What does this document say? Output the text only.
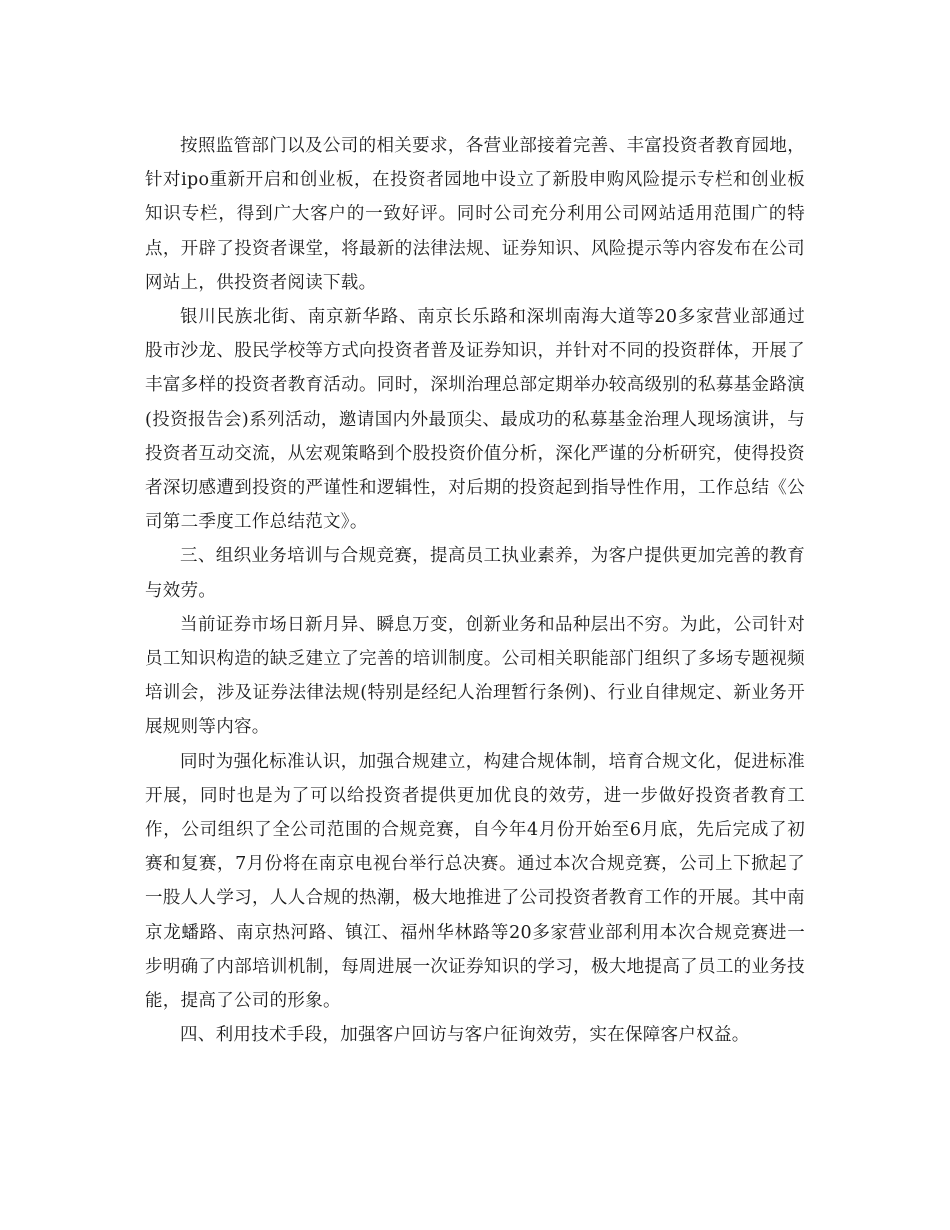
按照监管部门以及公司的相关要求，各营业部接着完善、丰富投资者教育园地，针对ipo重新开启和创业板，在投资者园地中设立了新股申购风险提示专栏和创业板知识专栏，得到广大客户的一致好评。同时公司充分利用公司网站适用范围广的特点，开辟了投资者课堂，将最新的法律法规、证券知识、风险提示等内容发布在公司网站上，供投资者阅读下载。

银川民族北街、南京新华路、南京长乐路和深圳南海大道等20多家营业部通过股市沙龙、股民学校等方式向投资者普及证券知识，并针对不同的投资群体，开展了丰富多样的投资者教育活动。同时，深圳治理总部定期举办较高级别的私募基金路演(投资报告会)系列活动，邀请国内外最顶尖、最成功的私募基金治理人现场演讲，与投资者互动交流，从宏观策略到个股投资价值分析，深化严谨的分析研究，使得投资者深切感遭到投资的严谨性和逻辑性，对后期的投资起到指导性作用，工作总结《公司第二季度工作总结范文》。

三、组织业务培训与合规竞赛，提高员工执业素养，为客户提供更加完善的教育与效劳。

当前证券市场日新月异、瞬息万变，创新业务和品种层出不穷。为此，公司针对员工知识构造的缺乏建立了完善的培训制度。公司相关职能部门组织了多场专题视频培训会，涉及证券法律法规(特别是经纪人治理暂行条例)、行业自律规定、新业务开展规则等内容。

同时为强化标准认识，加强合规建立，构建合规体制，培育合规文化，促进标准开展，同时也是为了可以给投资者提供更加优良的效劳，进一步做好投资者教育工作，公司组织了全公司范围的合规竞赛，自今年4月份开始至6月底，先后完成了初赛和复赛，7月份将在南京电视台举行总决赛。通过本次合规竞赛，公司上下掀起了一股人人学习，人人合规的热潮，极大地推进了公司投资者教育工作的开展。其中南京龙蟠路、南京热河路、镇江、福州华林路等20多家营业部利用本次合规竞赛进一步明确了内部培训机制，每周进展一次证券知识的学习，极大地提高了员工的业务技能，提高了公司的形象。

四、利用技术手段，加强客户回访与客户征询效劳，实在保障客户权益。
